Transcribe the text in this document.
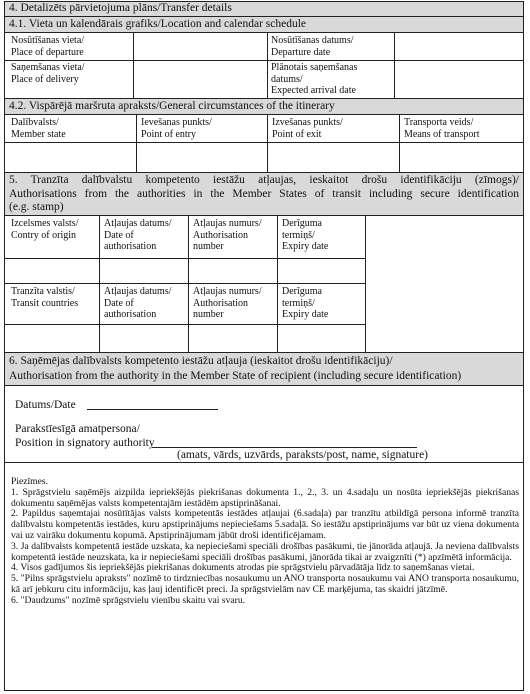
4. Detalizēts pārvietojuma plāns/Transfer details
4.1. Vieta un kalendārais grafiks/Location and calendar schedule
Nosūtīšanas vieta/
Place of departure
Nosūtīšanas datums/
Departure date
Saņemšanas vieta/
Place of delivery
Plānotais saņemšanas
datums/
Expected arrival date
4.2. Vispārējā maršruta apraksts/General circumstances of the itinerary
Dalībvalsts/
Member state
Ievešanas punkts/
Point of entry
Izvešanas punkts/
Point of exit
Transporta veids/
Means of transport
5. Tranzīta dalībvalstu kompetento iestāžu atļaujas, ieskaitot drošu identifikāciju (zīmogs)/
Authorisations from the authorities in the Member States of transit including secure identification
(e.g. stamp)
Izcelsmes valsts/
Contry of origin
Atļaujas datums/
Date of
authorisation
Atļaujas numurs/
Authorisation
number
Derīguma
termiņš/
Expiry date
Tranzīta valstis/
Transit countries
Atļaujas datums/
Date of
authorisation
Atļaujas numurs/
Authorisation
number
Derīguma
termiņš/
Expiry date
6. Saņēmējas dalībvalsts kompetento iestāžu atļauja (ieskaitot drošu identifikāciju)/
Authorisation from the authority in the Member State of recipient (including secure identification)
Datums/Date
Parakstīesīgā amatpersona/
Position in signatory authority
(amats, vārds, uzvārds, paraksts/post, name, signature)

Piezīmes.

1. Sprāgstvielu saņēmējs aizpilda iepriekšējās piekrišanas dokumenta 1., 2., 3. un 4.sadaļu un nosūta iepriekšējās piekrišanas dokumentu saņēmējas valsts kompetentajām iestādēm apstiprināšanai.

2. Papildus saņemtajai nosūtītājas valsts kompetentās iestādes atļaujai (6.sadaļa) par tranzītu atbildīgā persona informē tranzīta dalībvalstu kompetentās iestādes, kuru apstiprinājums nepieciešams 5.sadaļā. So iestāžu apstiprinājums var būt uz viena dokumenta vai uz vairāku dokumentu kopumā. Apstiprinājumam jābūt droši identificējamam.

3. Ja dalībvalsts kompetentā iestāde uzskata, ka nepieciešami speciāli drošības pasākumi, tie jānorāda atļaujā. Ja neviena dalībvalsts kompetentā iestāde neuzskata, ka ir nepieciešami speciāli drošības pasākumi, jānorāda tikai ar zvaigznīti (*) apzīmētā informācija.

4. Visos gadījumos šis iepriekšējās piekrišanas dokuments atrodas pie sprāgstvielu pārvadātāja līdz to saņemšanas vietai.

5. "Pilns sprāgstvielu apraksts" nozīmē to tirdzniecības nosaukumu un ANO transporta nosaukumu vai ANO transporta nosaukumu, kā arī jebkuru citu informāciju, kas ļauj identificēt preci. Ja sprāgstvielām nav CE marķējuma, tas skaidri jātzīmē.

6. "Daudzums" nozīmē sprāgstvielu vienību skaitu vai svaru.
